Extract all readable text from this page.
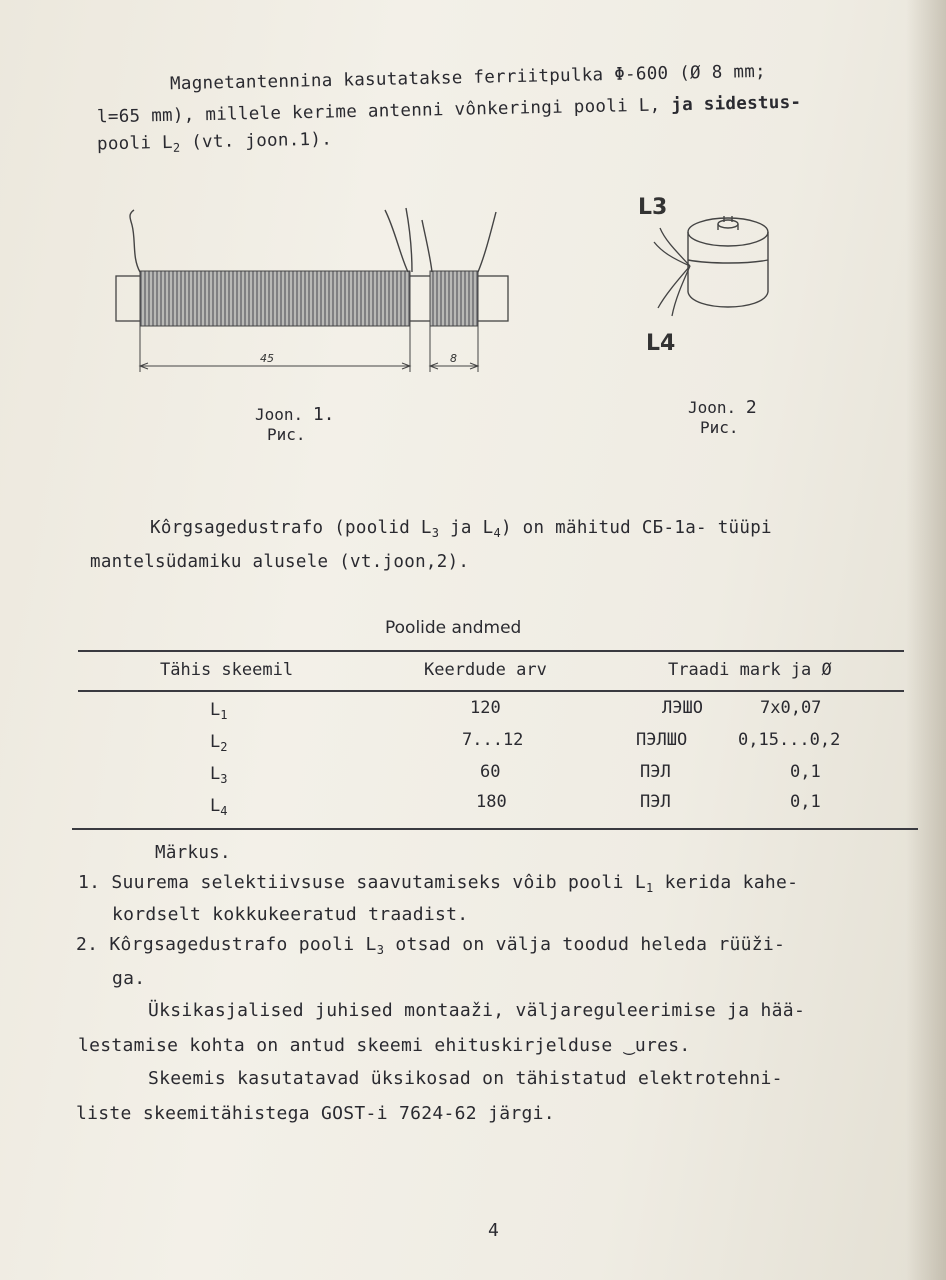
Magnetantennina kasutatakse ferriitpulka Φ-600 (Ø 8 mm;
l=65 mm), millele kerime antenni vônkeringi pooli L, ja sidestus-
pooli $L_2$ (vt. joon.1).
45	8
Joon. 1.
Рис.
L3
L4
Joon. 2
Рис.
Kôrgsagedustrafo (poolid $L_3$ ja $L_4$) on mähitud СБ-1а- tüüpi
mantelsüdamiku alusele (vt.joon,2).
Poolide andmed
Tähis skeemil	Keerdude arv	Traadi mark ja Ø
$L_1$	120	ЛЭШО	7x0,07
$L_2$	7...12	ПЭЛШО	0,15...0,2
$L_3$	60	ПЭЛ	0,1
$L_4$	180	ПЭЛ	0,1
Märkus.
1. Suurema selektiivsuse saavutamiseks vôib pooli $L_1$ kerida kahe-
kordselt kokkukeeratud traadist.
2. Kôrgsagedustrafo pooli $L_3$ otsad on välja toodud heleda rüüži-
ga.
Üksikasjalised juhised montaaži, väljareguleerimise ja hää-
lestamise kohta on antud skeemi ehituskirjelduse ‿ures.
Skeemis kasutatavad üksikosad on tähistatud elektrotehni-
liste skeemitähistega GOST-i 7624-62 järgi.
4
